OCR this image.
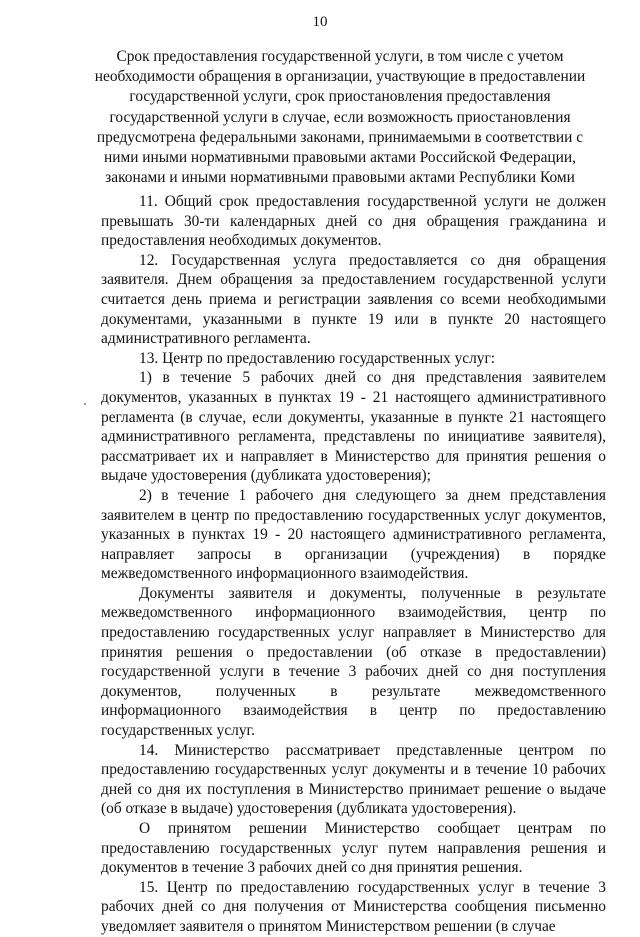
10
Срок предоставления государственной услуги, в том числе с учетом необходимости обращения в организации, участвующие в предоставлении государственной услуги, срок приостановления предоставления государственной услуги в случае, если возможность приостановления предусмотрена федеральными законами, принимаемыми в соответствии с ними иными нормативными правовыми актами Российской Федерации, законами и иными нормативными правовыми актами Республики Коми

11. Общий срок предоставления государственной услуги не должен превышать 30-ти календарных дней со дня обращения гражданина и предоставления необходимых документов.

12. Государственная услуга предоставляется со дня обращения заявителя. Днем обращения за предоставлением государственной услуги считается день приема и регистрации заявления со всеми необходимыми документами, указанными в пункте 19 или в пункте 20 настоящего административного регламента.

13. Центр по предоставлению государственных услуг:

1) в течение 5 рабочих дней со дня представления заявителем документов, указанных в пунктах 19 - 21 настоящего административного регламента (в случае, если документы, указанные в пункте 21 настоящего административного регламента, представлены по инициативе заявителя), рассматривает их и направляет в Министерство для принятия решения о выдаче удостоверения (дубликата удостоверения);

2) в течение 1 рабочего дня следующего за днем представления заявителем в центр по предоставлению государственных услуг документов, указанных в пунктах 19 - 20 настоящего административного регламента, направляет запросы в организации (учреждения) в порядке межведомственного информационного взаимодействия.

Документы заявителя и документы, полученные в результате межведомственного информационного взаимодействия, центр по предоставлению государственных услуг направляет в Министерство для принятия решения о предоставлении (об отказе в предоставлении) государственной услуги в течение 3 рабочих дней со дня поступления документов, полученных в результате межведомственного информационного взаимодействия в центр по предоставлению государственных услуг.

14. Министерство рассматривает представленные центром по предоставлению государственных услуг документы и в течение 10 рабочих дней со дня их поступления в Министерство принимает решение о выдаче (об отказе в выдаче) удостоверения (дубликата удостоверения).

О принятом решении Министерство сообщает центрам по предоставлению государственных услуг путем направления решения и документов в течение 3 рабочих дней со дня принятия решения.

15. Центр по предоставлению государственных услуг в течение 3 рабочих дней со дня получения от Министерства сообщения письменно уведомляет заявителя о принятом Министерством решении (в случае
